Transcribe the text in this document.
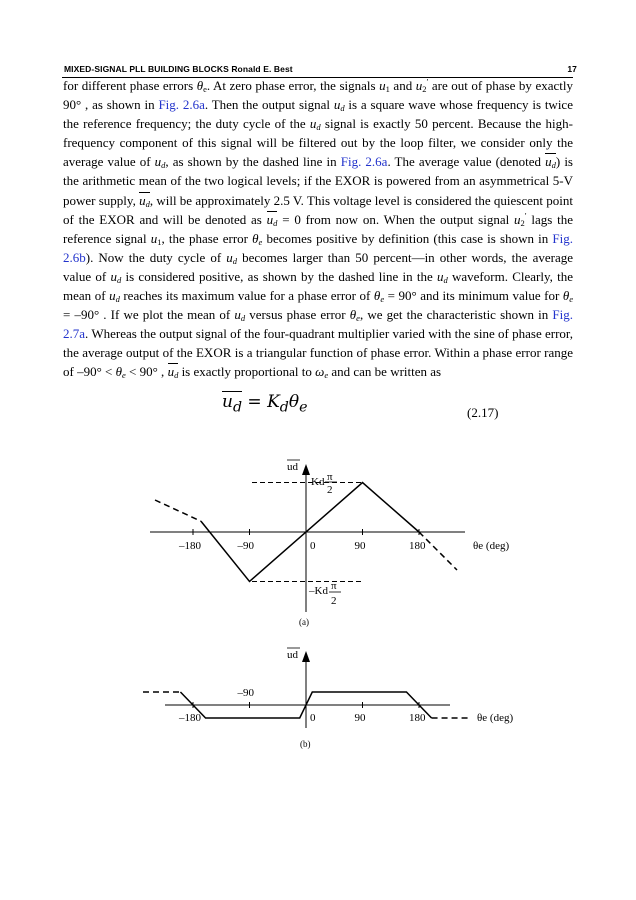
MIXED-SIGNAL PLL BUILDING BLOCKS Ronald E. Best	17

for different phase errors $\theta_e$. At zero phase error, the signals $u_1$ and $u_2'$ are out of phase by exactly 90° , as shown in Fig. 2.6a. Then the output signal $u_d$ is a square wave whose frequency is twice the reference frequency; the duty cycle of the $u_d$ signal is exactly 50 percent. Because the high-frequency component of this signal will be filtered out by the loop filter, we consider only the average value of $u_d$, as shown by the dashed line in Fig. 2.6a. The average value (denoted $u_d$) is the arithmetic mean of the two logical levels; if the EXOR is powered from an asymmetrical 5-V power supply, $u_d$, will be approximately 2.5 V. This voltage level is considered the quiescent point of the EXOR and will be denoted as $u_d = 0$ from now on. When the output signal $u_2'$ lags the reference signal $u_1$, the phase error $\theta_e$ becomes positive by definition (this case is shown in Fig. 2.6b). Now the duty cycle of $u_d$ becomes larger than 50 percent—in other words, the average value of $u_d$ is considered positive, as shown by the dashed line in the $u_d$ waveform. Clearly, the mean of $u_d$ reaches its maximum value for a phase error of $\theta_e = 90^\circ$ and its minimum value for $\theta_e = -90^\circ$ . If we plot the mean of $u_d$ versus phase error $\theta_e$, we get the characteristic shown in Fig. 2.7a. Whereas the output signal of the four-quadrant multiplier varied with the sine of phase error, the average output of the EXOR is a triangular function of phase error. Within a phase error range of $-90^\circ < \theta_e < 90^\circ$ , $u_d$ is exactly proportional to $\omega_e$ and can be written as

$u_d = K_d\theta_e$	(2.17)
–180	–90	0	90	180
ud
θe (deg)
Kd π
2
–Kd π
2
(a)
–180
–90
0	90	180
ud
θe (deg)
(b)
